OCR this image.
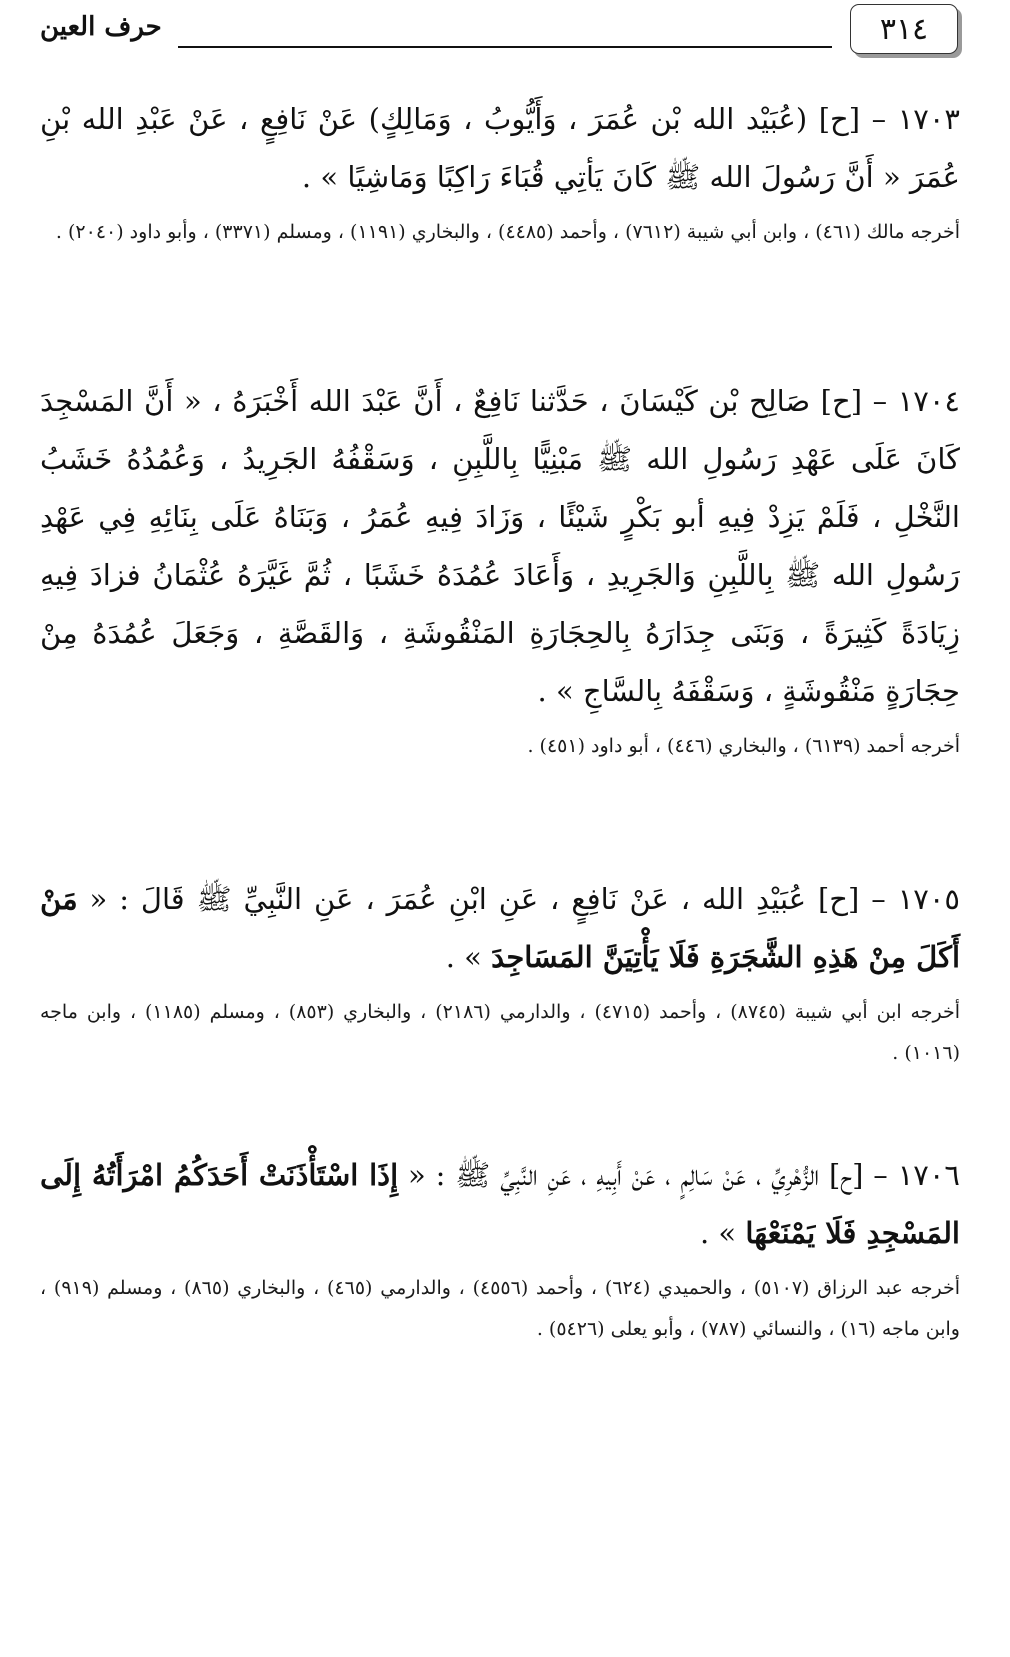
٣١٤
حرف العين

١٧٠٣ – [ح] (عُبَيْد الله بْن عُمَرَ ، وَأَيُّوبُ ، وَمَالِكٍ) عَنْ نَافِعٍ ، عَنْ عَبْدِ الله بْنِ عُمَرَ « أَنَّ رَسُولَ الله ﷺ كَانَ يَأتِي قُبَاءَ رَاكِبًا وَمَاشِيًا » .

أخرجه مالك (٤٦١) ، وابن أبي شيبة (٧٦١٢) ، وأحمد (٤٤٨٥) ، والبخاري (١١٩١) ، ومسلم (٣٣٧١) ، وأبو داود (٢٠٤٠) .

١٧٠٤ – [ح] صَالِح بْن كَيْسَانَ ، حَدَّثنا نَافِعٌ ، أَنَّ عَبْدَ الله أَخْبَرَهُ ، « أَنَّ المَسْجِدَ كَانَ عَلَى عَهْدِ رَسُولِ الله ﷺ مَبْنِيًّا بِاللَّبِنِ ، وَسَقْفُهُ الجَرِيدُ ، وَعُمُدُهُ خَشَبُ النَّخْلِ ، فَلَمْ يَزِدْ فِيهِ أبو بَكْرٍ شَيْئًا ، وَزَادَ فِيهِ عُمَرُ ، وَبَنَاهُ عَلَى بِنَائِهِ فِي عَهْدِ رَسُولِ الله ﷺ بِاللَّبِنِ وَالجَرِيدِ ، وَأَعَادَ عُمُدَهُ خَشَبًا ، ثُمَّ غَيَّرَهُ عُثْمَانُ فزادَ فِيهِ زِيَادَةً كَثِيرَةً ، وَبَنَى جِدَارَهُ بِالحِجَارَةِ المَنْقُوشَةِ ، وَالقَصَّةِ ، وَجَعَلَ عُمُدَهُ مِنْ حِجَارَةٍ مَنْقُوشَةٍ ، وَسَقْفَهُ بِالسَّاجِ » .

أخرجه أحمد (٦١٣٩) ، والبخاري (٤٤٦) ، أبو داود (٤٥١) .

١٧٠٥ – [ح] عُبَيْدِ الله ، عَنْ نَافِعٍ ، عَنِ ابْنِ عُمَرَ ، عَنِ النَّبِيِّ ﷺ قَالَ : « مَنْ أَكَلَ مِنْ هَذِهِ الشَّجَرَةِ فَلَا يَأْتِيَنَّ المَسَاجِدَ » .

أخرجه ابن أبي شيبة (٨٧٤٥) ، وأحمد (٤٧١٥) ، والدارمي (٢١٨٦) ، والبخاري (٨٥٣) ، ومسلم (١١٨٥) ، وابن ماجه (١٠١٦) .

١٧٠٦ – [ح] الزُّهْرِيِّ ، عَنْ سَالِمٍ ، عَنْ أَبِيهِ ، عَنِ النَّبِيِّ ﷺ : « إِذَا اسْتَأْذَنَتْ أَحَدَكُمُ امْرَأَتُهُ إِلَى المَسْجِدِ فَلَا يَمْنَعْهَا » .

أخرجه عبد الرزاق (٥١٠٧) ، والحميدي (٦٢٤) ، وأحمد (٤٥٥٦) ، والدارمي (٤٦٥) ، والبخاري (٨٦٥) ، ومسلم (٩١٩) ، وابن ماجه (١٦) ، والنسائي (٧٨٧) ، وأبو يعلى (٥٤٢٦) .
